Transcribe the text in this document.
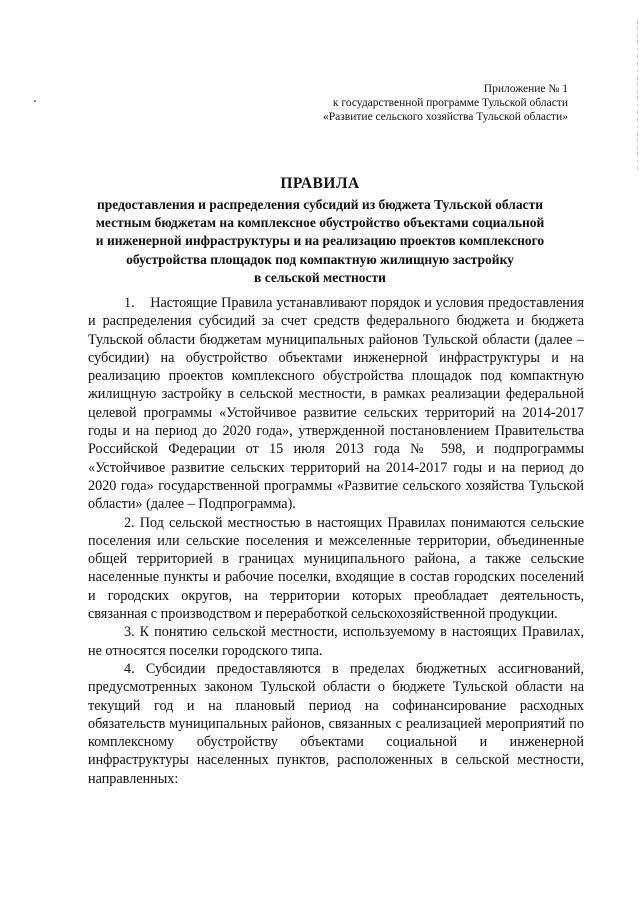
Приложение № 1
к государственной программе Тульской области
«Развитие сельского хозяйства Тульской области»
ПРАВИЛА
предоставления и распределения субсидий из бюджета Тульской области
местным бюджетам на комплексное обустройство объектами социальной
и инженерной инфраструктуры и на реализацию проектов комплексного
обустройства площадок под компактную жилищную застройку
в сельской местности

1.    Настоящие Правила устанавливают порядок и условия предоставления и распределения субсидий за счет средств федерального бюджета и бюджета Тульской области бюджетам муниципальных районов Тульской области (далее – субсидии) на обустройство объектами инженерной инфраструктуры и на реализацию проектов комплексного обустройства площадок под компактную жилищную застройку в сельской местности, в рамках реализации федеральной целевой программы «Устойчивое развитие сельских территорий на 2014-2017 годы и на период до 2020 года», утвержденной постановлением Правительства Российской Федерации от 15 июля 2013 года № 598, и подпрограммы «Устойчивое развитие сельских территорий на 2014-2017 годы и на период до 2020 года» государственной программы «Развитие сельского хозяйства Тульской области» (далее – Подпрограмма).

2. Под сельской местностью в настоящих Правилах понимаются сельские поселения или сельские поселения и межселенные территории, объединенные общей территорией в границах муниципального района, а также сельские населенные пункты и рабочие поселки, входящие в состав городских поселений и городских округов, на территории которых преобладает деятельность, связанная с производством и переработкой сельскохозяйственной продукции.

3. К понятию сельской местности, используемому в настоящих Правилах, не относятся поселки городского типа.

4. Субсидии предоставляются в пределах бюджетных ассигнований, предусмотренных законом Тульской области о бюджете Тульской области на текущий год и на плановый период на софинансирование расходных обязательств муниципальных районов, связанных с реализацией мероприятий по комплексному обустройству объектами социальной и инженерной инфраструктуры населенных пунктов, расположенных в сельской местности, направленных:
